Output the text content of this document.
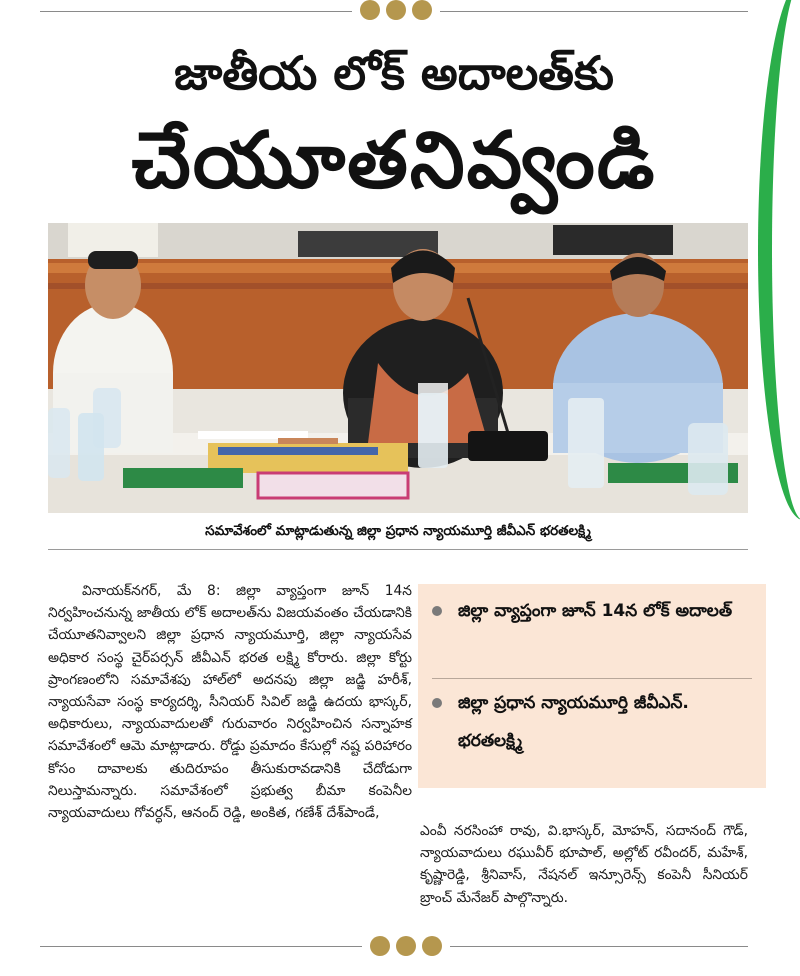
జాతీయ లోక్ అదాలత్‌కు
చేయూతనివ్వండి
సమావేశంలో మాట్లాడుతున్న జిల్లా ప్రధాన న్యాయమూర్తి జీవీఎన్ భరతలక్ష్మి

వినాయక్‌నగర్, మే 8: జిల్లా వ్యాప్తంగా జూన్ 14న నిర్వహించనున్న జాతీయ లోక్ అదాలత్‌ను విజయవంతం చేయడానికి చేయూతనివ్వాలని జిల్లా ప్రధాన న్యాయమూర్తి, జిల్లా న్యాయసేవ అధికార సంస్థ చైర్‌పర్సన్ జీవీఎన్ భరత లక్ష్మి కోరారు. జిల్లా కోర్టు ప్రాంగణంలోని సమావేశపు హాల్‌లో అదనపు జిల్లా జడ్జి హరీశ్, న్యాయసేవా సంస్థ కార్యదర్శి, సీనియర్ సివిల్ జడ్జి ఉదయ భాస్కర్, అధికారులు, న్యాయవాదులతో గురువారం నిర్వహించిన సన్నాహక సమావేశంలో ఆమె మాట్లాడారు. రోడ్డు ప్రమాదం కేసుల్లో నష్ట పరిహారం కోసం దావాలకు తుదిరూపం తీసుకురావడానికి చేదోడుగా నిలుస్తామన్నారు. సమావేశంలో ప్రభుత్వ బీమా కంపెనీల న్యాయవాదులు గోవర్ధన్, ఆనంద్ రెడ్డి, అంకిత, గణేశ్ దేశ్‌పాండే,

జిల్లా వ్యాప్తంగా జూన్ 14న లోక్ అదాలత్
జిల్లా ప్రధాన న్యాయమూర్తి జీవీఎన్. భరతలక్ష్మి

ఎంవీ నరసింహా రావు, వి.భాస్కర్, మోహన్, సదానంద్ గౌడ్, న్యాయవాదులు రఘువీర్ భూపాల్, అల్లోట్ రవీందర్, మహేశ్, కృష్ణారెడ్డి, శ్రీనివాస్, నేషనల్ ఇన్సూరెన్స్ కంపెనీ సీనియర్ బ్రాంచ్ మేనేజర్ పాల్గొన్నారు.
